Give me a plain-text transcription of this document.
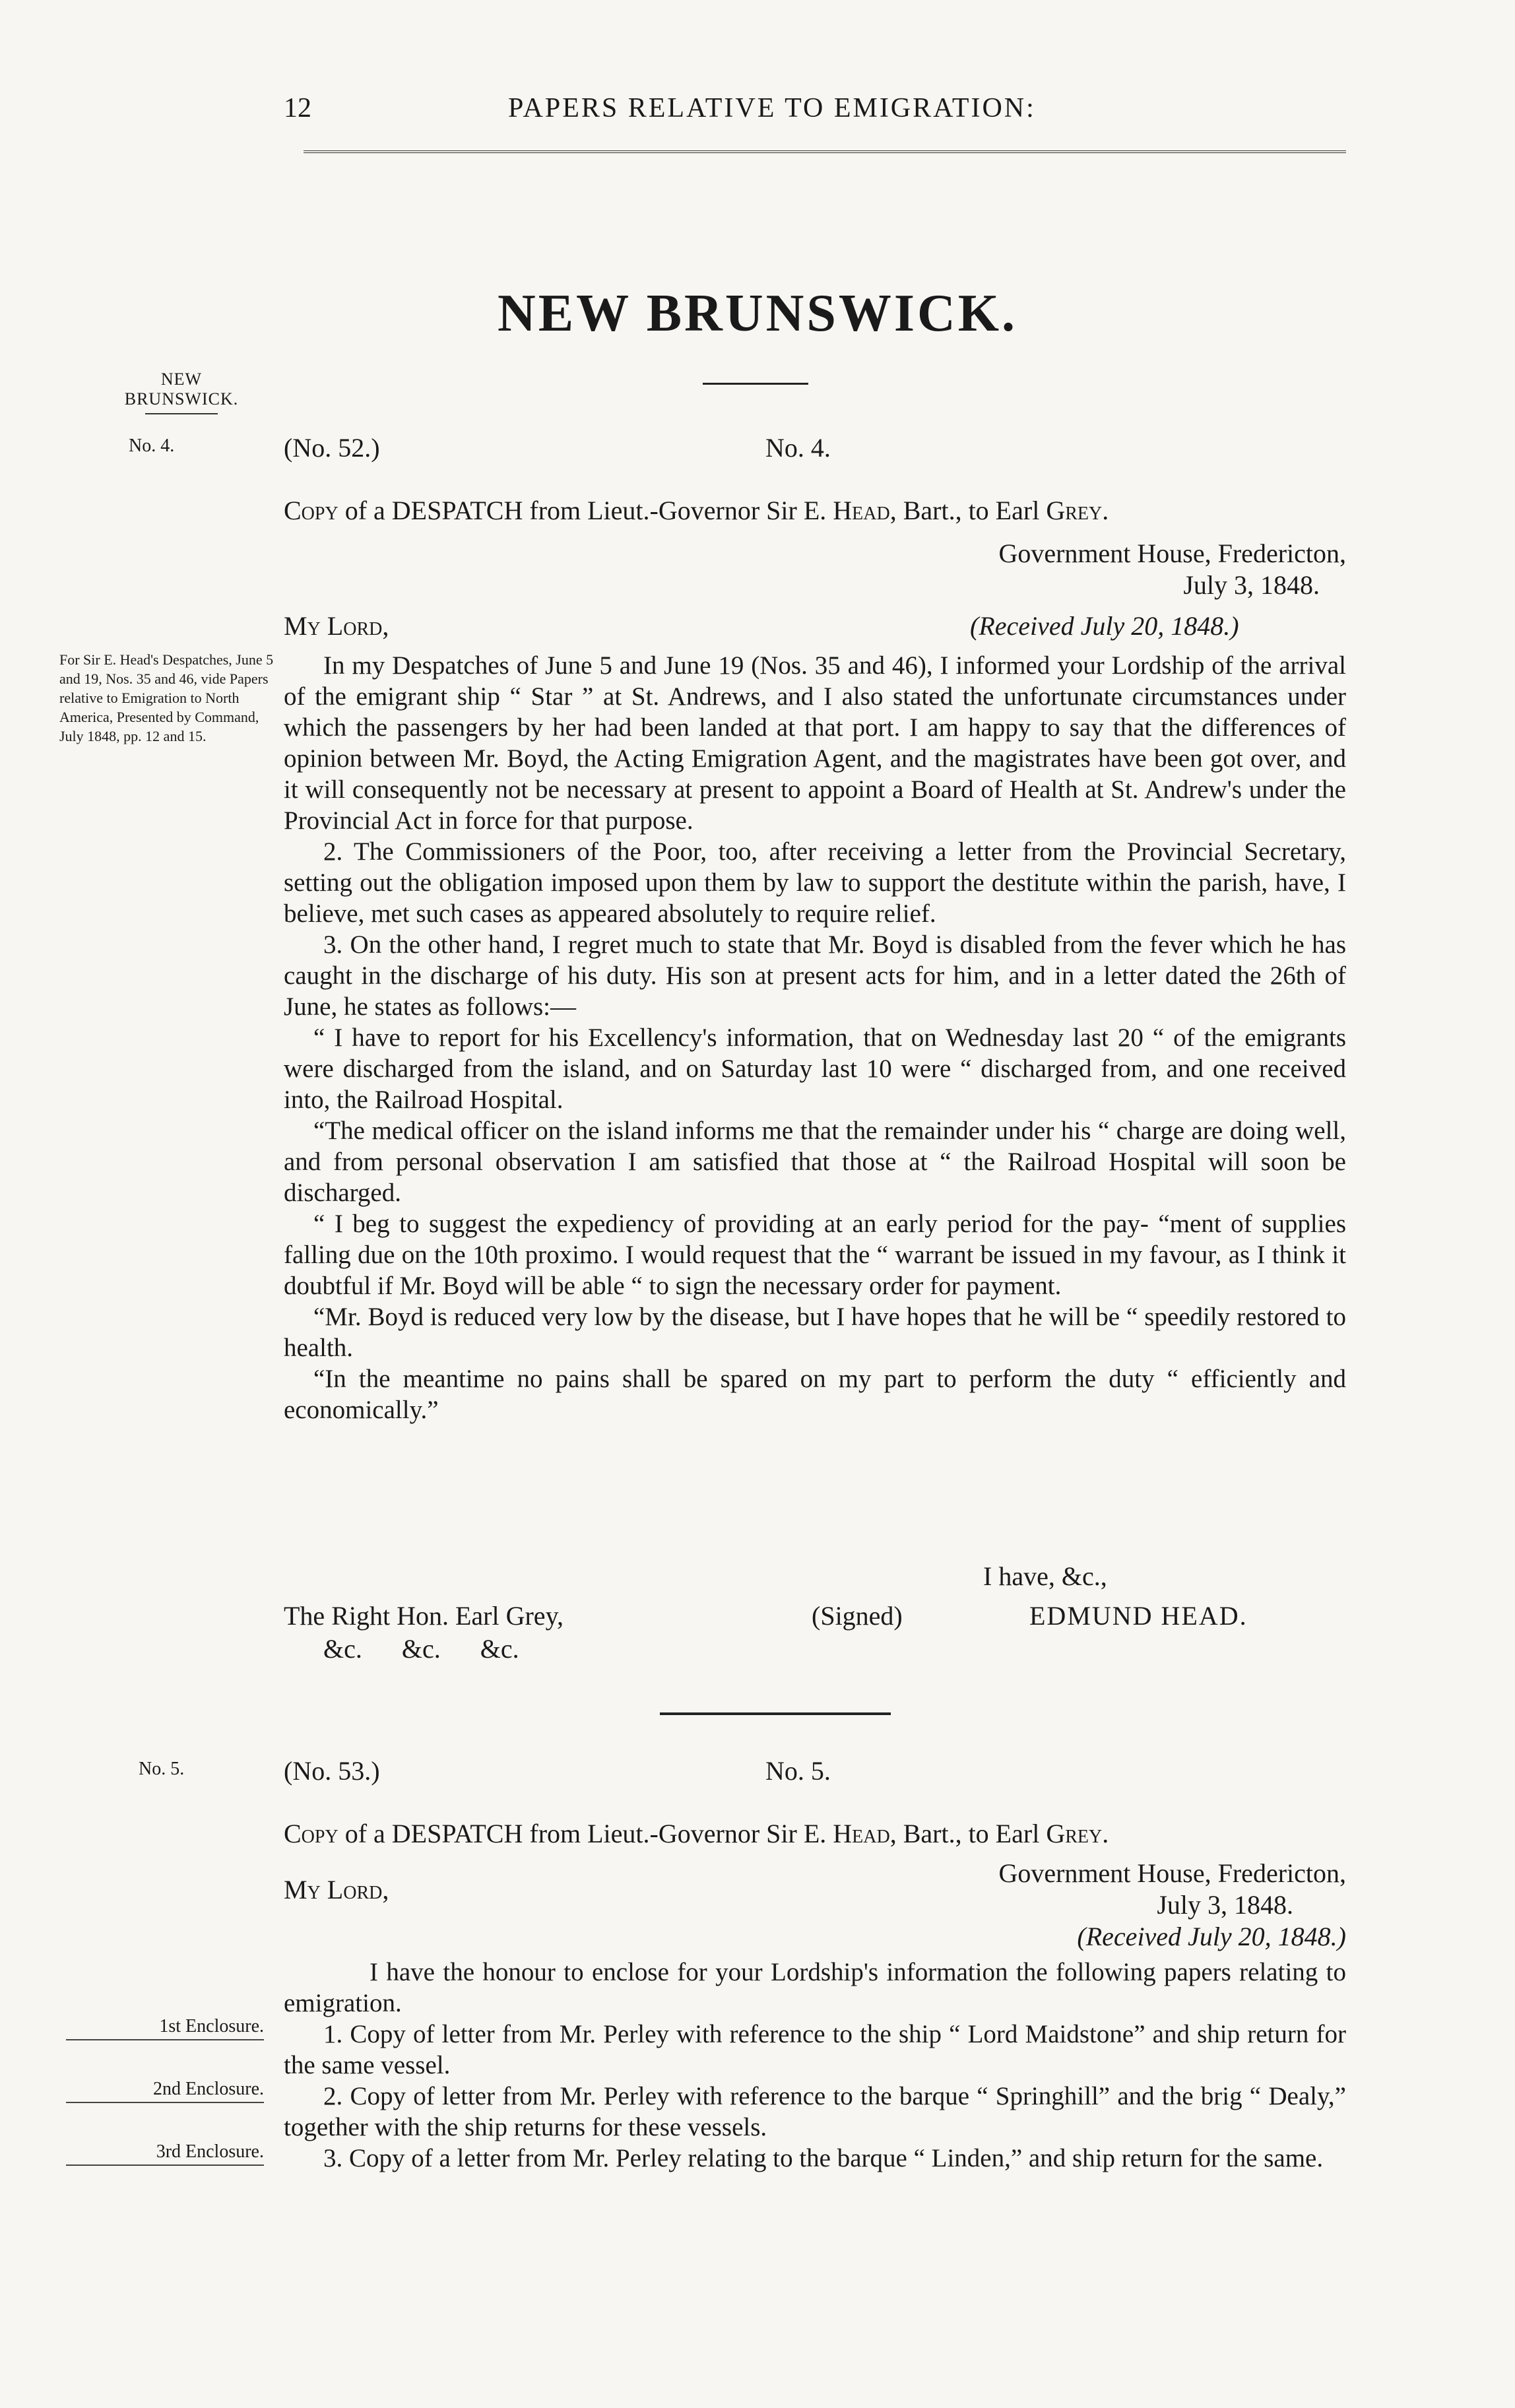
12	PAPERS RELATIVE TO EMIGRATION:
NEW BRUNSWICK.
NEW
BRUNSWICK.
No. 4.	(No. 52.)	No. 4.
Copy of a DESPATCH from Lieut.-Governor Sir E. Head, Bart., to Earl Grey.
Government House, Fredericton,
July 3, 1848.
My Lord,	(Received July 20, 1848.)
For Sir E. Head's Despatches, June 5 and 19, Nos. 35 and 46, vide Papers relative to Emigration to North America, Presented by Command, July 1848, pp. 12 and 15.

In my Despatches of June 5 and June 19 (Nos. 35 and 46), I informed your Lordship of the arrival of the emigrant ship “ Star ” at St. Andrews, and I also stated the unfortunate circumstances under which the passengers by her had been landed at that port. I am happy to say that the differences of opinion between Mr. Boyd, the Acting Emigration Agent, and the magistrates have been got over, and it will consequently not be necessary at present to appoint a Board of Health at St. Andrew's under the Provincial Act in force for that purpose.

2. The Commissioners of the Poor, too, after receiving a letter from the Provincial Secretary, setting out the obligation imposed upon them by law to support the destitute within the parish, have, I believe, met such cases as appeared absolutely to require relief.

3. On the other hand, I regret much to state that Mr. Boyd is disabled from the fever which he has caught in the discharge of his duty. His son at present acts for him, and in a letter dated the 26th of June, he states as follows:—

“ I have to report for his Excellency's information, that on Wednesday last 20 “ of the emigrants were discharged from the island, and on Saturday last 10 were “ discharged from, and one received into, the Railroad Hospital.

“The medical officer on the island informs me that the remainder under his “ charge are doing well, and from personal observation I am satisfied that those at “ the Railroad Hospital will soon be discharged.

“ I beg to suggest the expediency of providing at an early period for the pay- “ment of supplies falling due on the 10th proximo. I would request that the “ warrant be issued in my favour, as I think it doubtful if Mr. Boyd will be able “ to sign the necessary order for payment.

“Mr. Boyd is reduced very low by the disease, but I have hopes that he will be “ speedily restored to health.

“In the meantime no pains shall be spared on my part to perform the duty “ efficiently and economically.”

I have, &c.,
The Right Hon. Earl Grey,
&c.      &c.      &c.
(Signed)	EDMUND HEAD.
No. 5.	(No. 53.)	No. 5.
Copy of a DESPATCH from Lieut.-Governor Sir E. Head, Bart., to Earl Grey.
Government House, Fredericton,
July 3, 1848.
(Received July 20, 1848.)
My Lord,

I have the honour to enclose for your Lordship's information the following papers relating to emigration.

1. Copy of letter from Mr. Perley with reference to the ship “ Lord Maidstone” and ship return for the same vessel.

2. Copy of letter from Mr. Perley with reference to the barque “ Springhill” and the brig “ Dealy,” together with the ship returns for these vessels.

3. Copy of a letter from Mr. Perley relating to the barque “ Linden,” and ship return for the same.

1st Enclosure.
2nd Enclosure.
3rd Enclosure.
